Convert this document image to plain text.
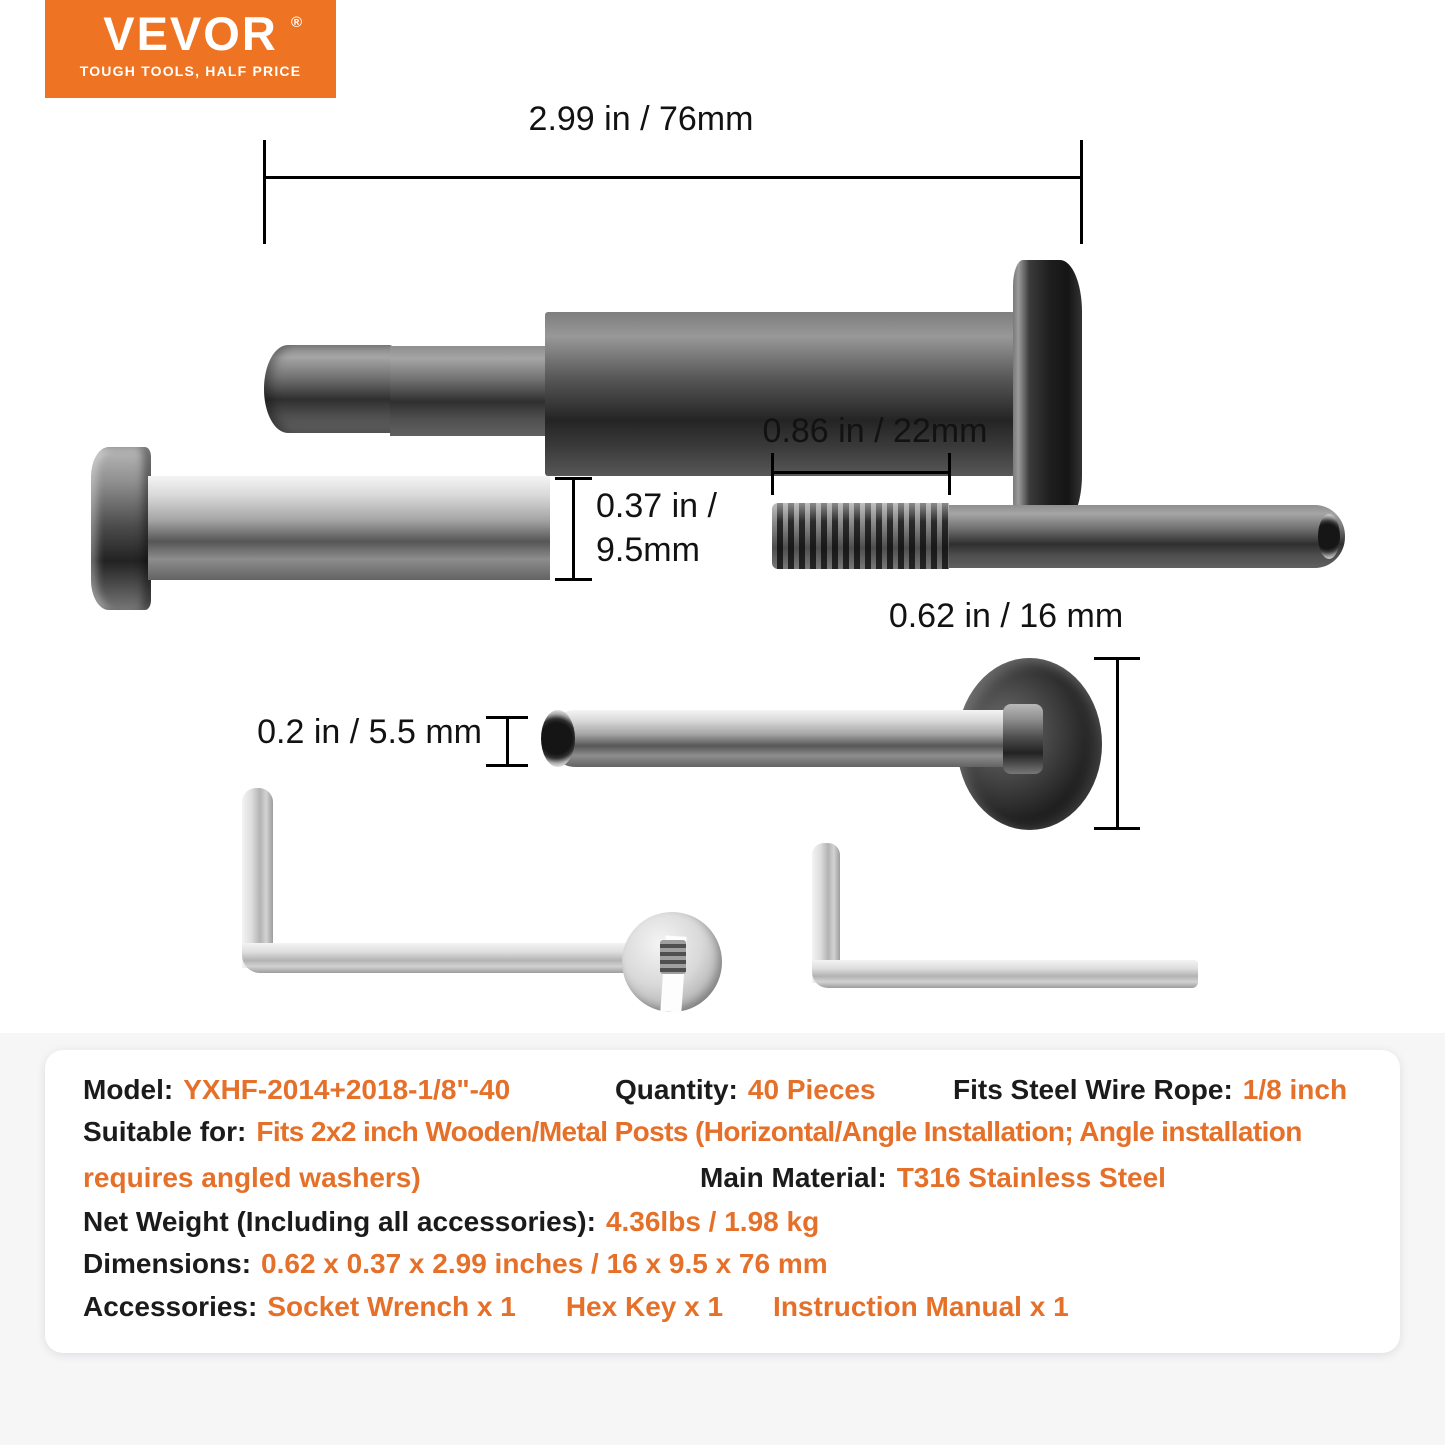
VEVOR ®
TOUGH TOOLS, HALF PRICE
2.99 in / 76mm
0.37 in /
9.5mm
0.86 in / 22mm
0.62 in / 16 mm
0.2 in / 5.5 mm
Model: YXHF-2014+2018-1/8"-40	Quantity: 40 Pieces	Fits Steel Wire Rope: 1/8 inch
Suitable for: Fits 2x2 inch Wooden/Metal Posts (Horizontal/Angle Installation; Angle installation
requires angled washers)	Main Material: T316 Stainless Steel
Net Weight (Including all accessories): 4.36lbs / 1.98 kg
Dimensions: 0.62 x 0.37 x 2.99 inches / 16 x 9.5 x 76 mm
Accessories: Socket Wrench x 1 Hex Key x 1 Instruction Manual x 1
